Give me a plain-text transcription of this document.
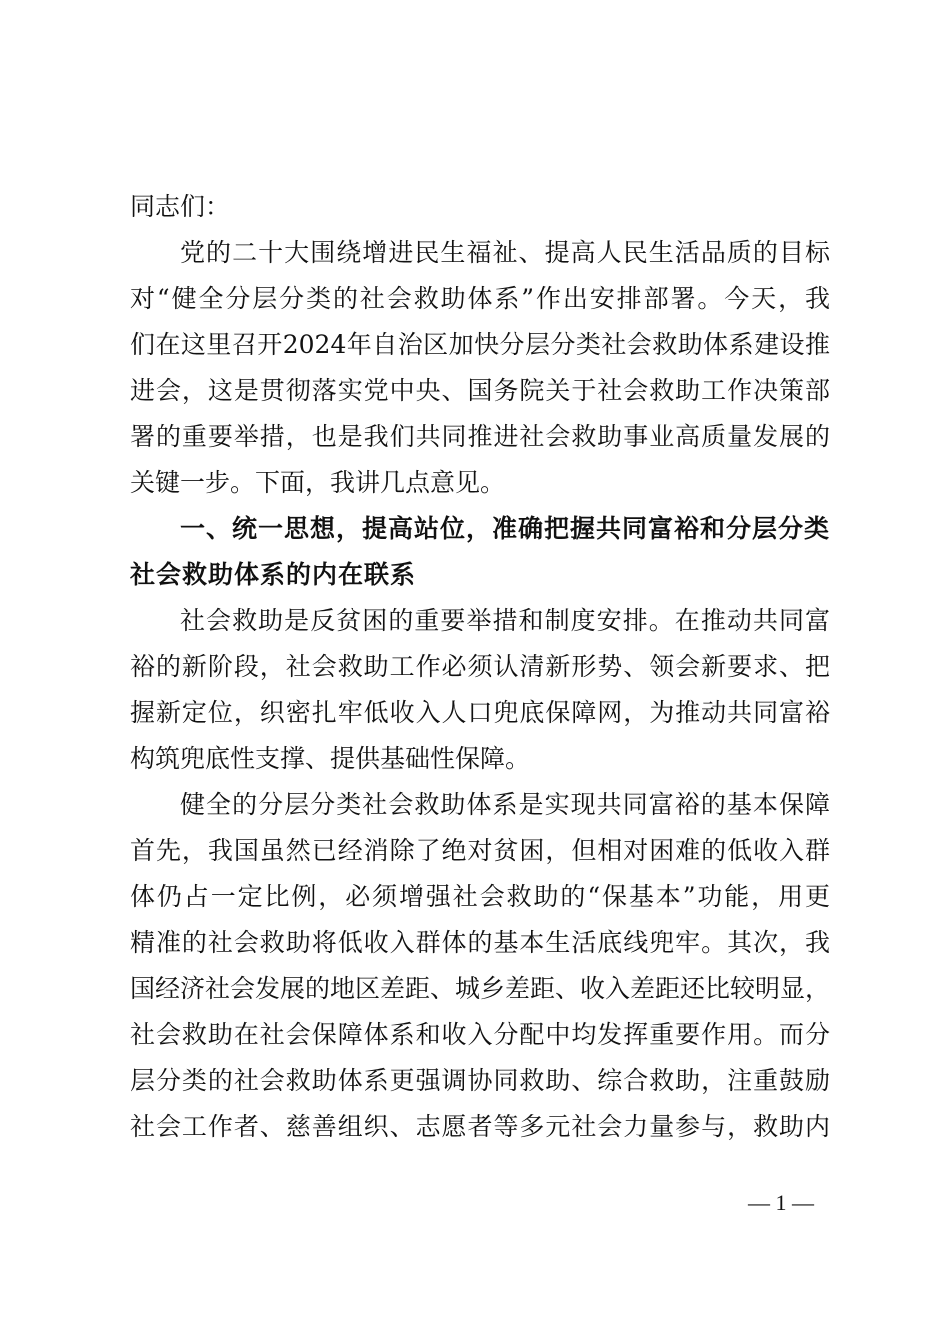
同志们：
党的二十大围绕增进民生福祉、提高人民生活品质的目标
对“健全分层分类的社会救助体系”作出安排部署。今天，我
们在这里召开2024年自治区加快分层分类社会救助体系建设推
进会，这是贯彻落实党中央、国务院关于社会救助工作决策部
署的重要举措，也是我们共同推进社会救助事业高质量发展的
关键一步。下面，我讲几点意见。
一、统一思想，提高站位，准确把握共同富裕和分层分类
社会救助体系的内在联系
社会救助是反贫困的重要举措和制度安排。在推动共同富
裕的新阶段，社会救助工作必须认清新形势、领会新要求、把
握新定位，织密扎牢低收入人口兜底保障网，为推动共同富裕
构筑兜底性支撑、提供基础性保障。
健全的分层分类社会救助体系是实现共同富裕的基本保障
首先，我国虽然已经消除了绝对贫困，但相对困难的低收入群
体仍占一定比例，必须增强社会救助的“保基本”功能，用更
精准的社会救助将低收入群体的基本生活底线兜牢。其次，我
国经济社会发展的地区差距、城乡差距、收入差距还比较明显，
社会救助在社会保障体系和收入分配中均发挥重要作用。而分
层分类的社会救助体系更强调协同救助、综合救助，注重鼓励
社会工作者、慈善组织、志愿者等多元社会力量参与，救助内
— 1 —
